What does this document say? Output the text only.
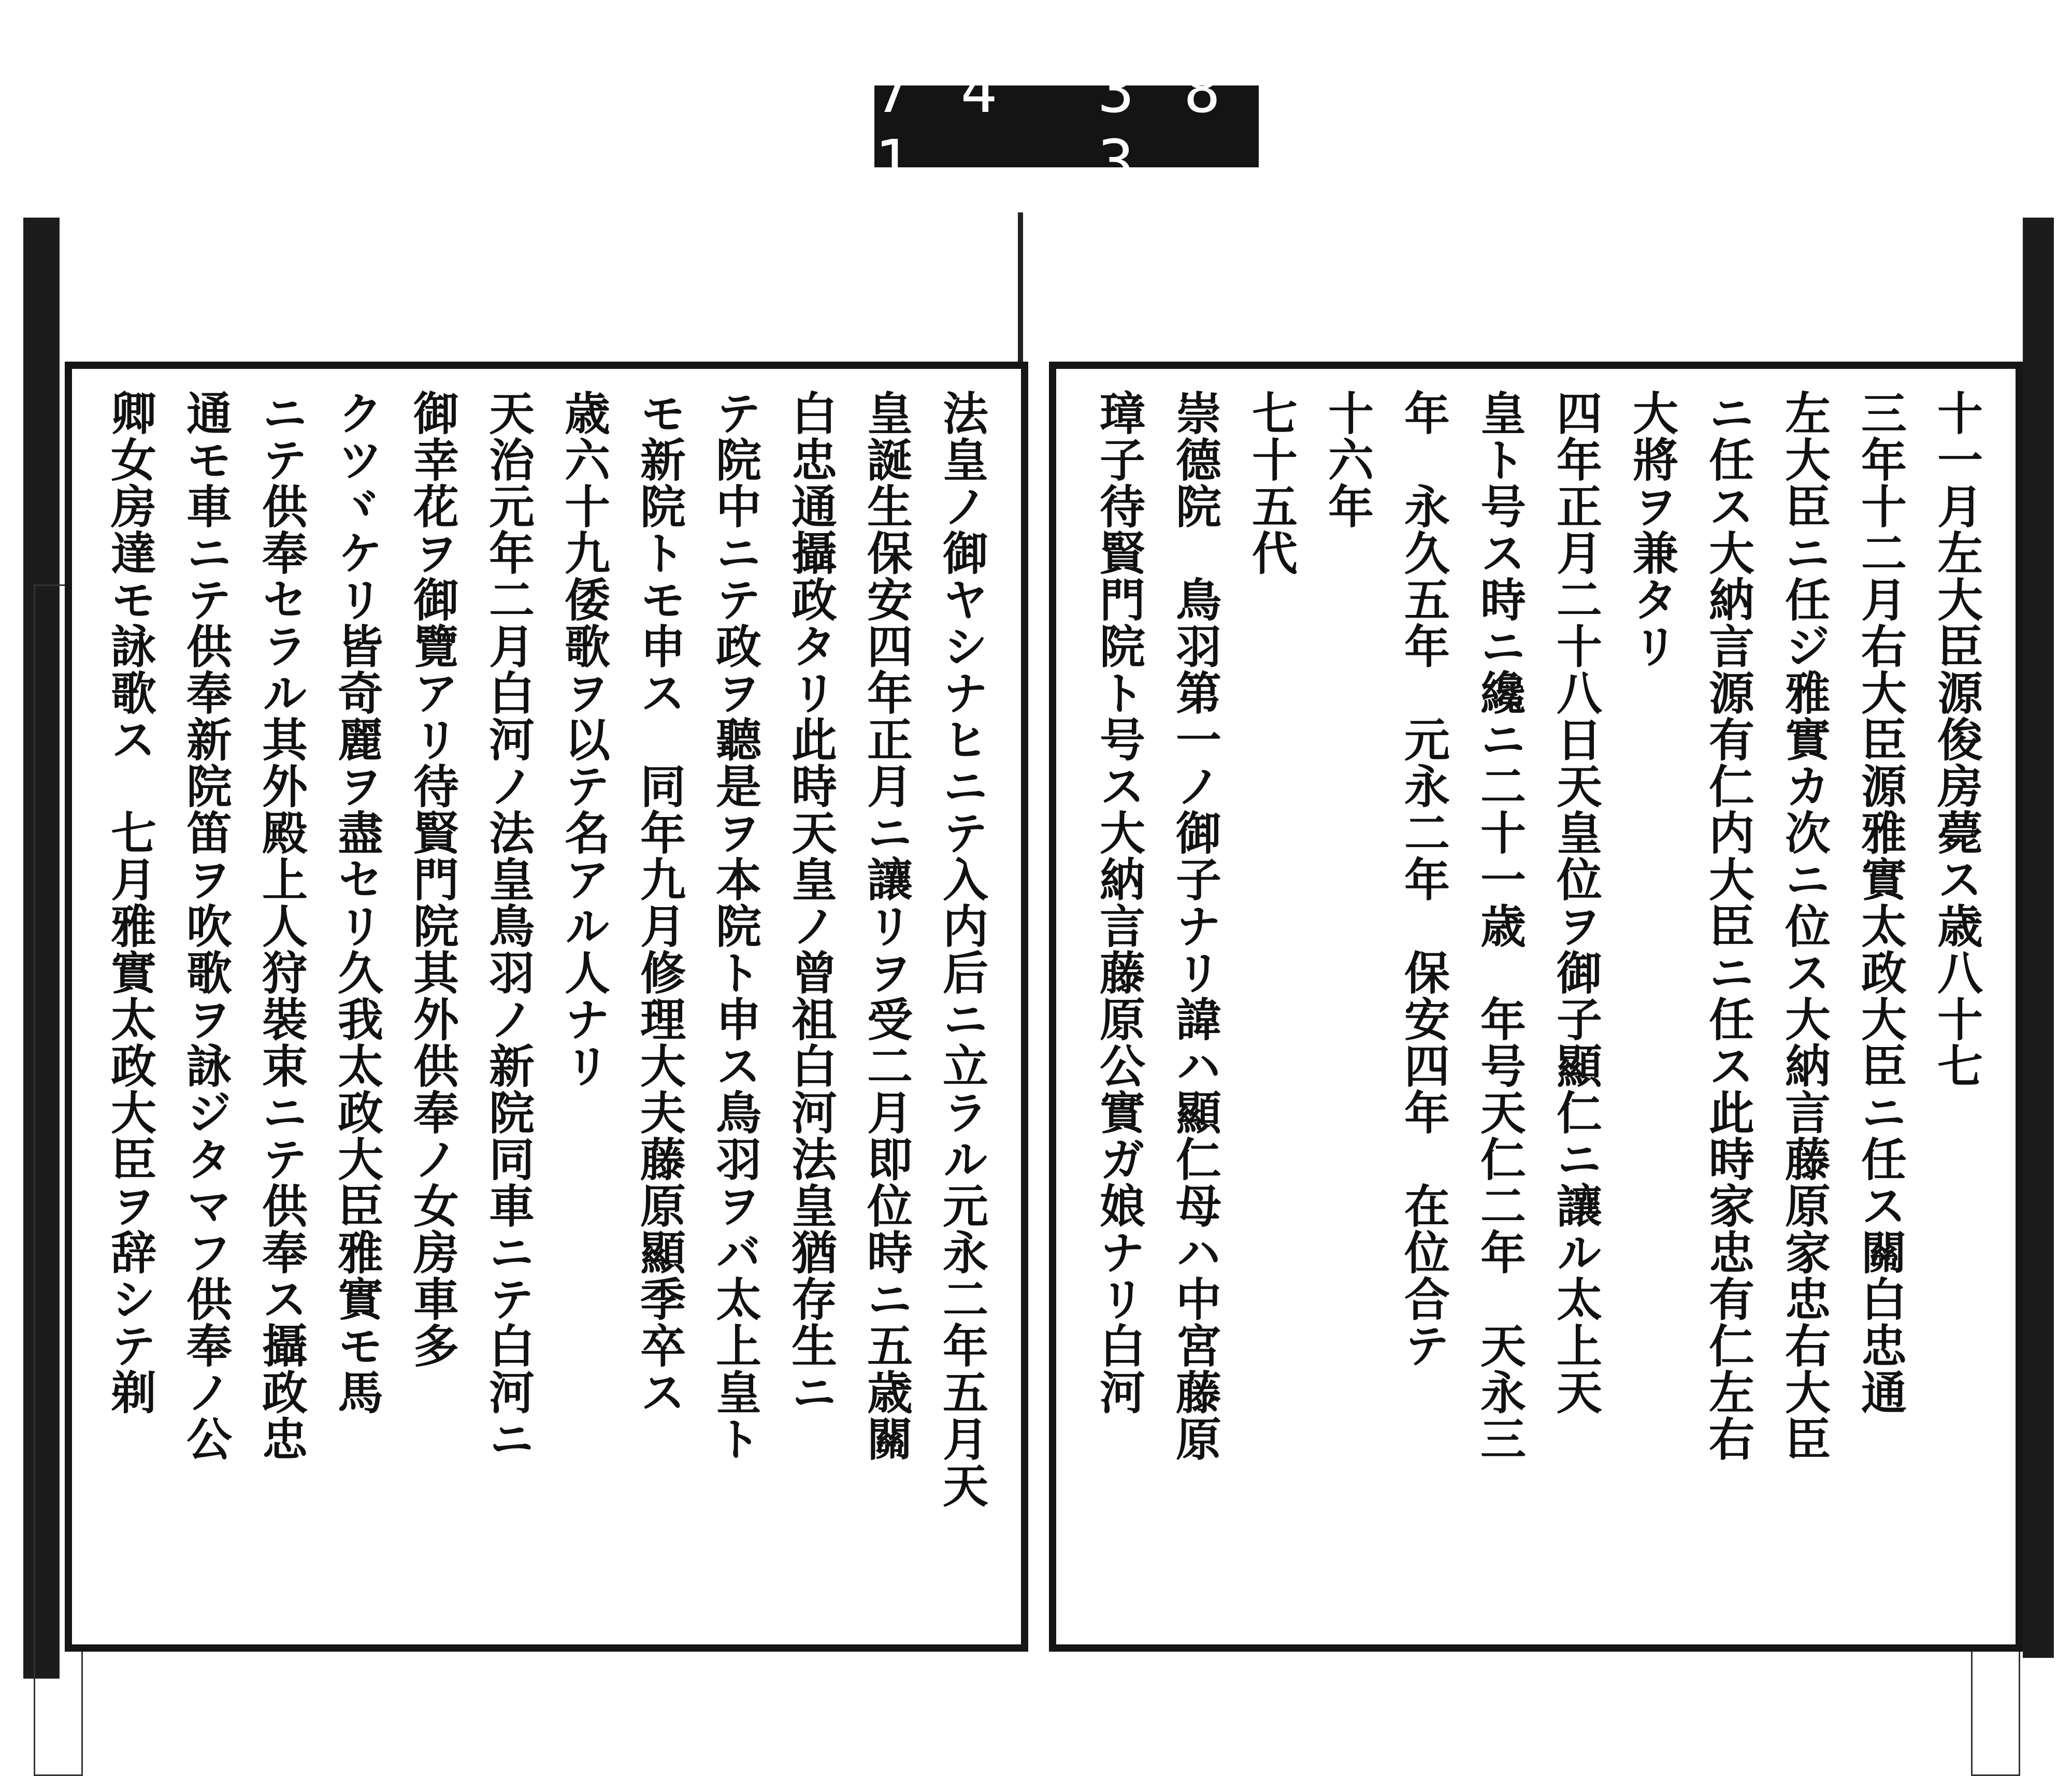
7 4 1
3 8 3
法皇ノ御ヤシナヒニテ入内后ニ立ラル元永二年五月天
皇誕生保安四年正月ニ讓リヲ受二月即位時ニ五歳關
白忠通攝政タリ此時天皇ノ曾祖白河法皇猶存生ニ
テ院中ニテ政ヲ聽是ヲ本院ト申ス鳥羽ヲバ太上皇ト
モ新院トモ申ス　同年九月修理大夫藤原顯季卒ス
歳六十九倭歌ヲ以テ名アル人ナリ
天治元年二月白河ノ法皇鳥羽ノ新院同車ニテ白河ニ
御幸花ヲ御覽アリ待賢門院其外供奉ノ女房車多
クツヾケリ皆奇麗ヲ盡セリ久我太政大臣雅實モ馬
ニテ供奉セラル其外殿上人狩裝束ニテ供奉ス攝政忠
通モ車ニテ供奉新院笛ヲ吹歌ヲ詠ジタマフ供奉ノ公
卿女房達モ詠歌ス　七月雅實太政大臣ヲ辞シテ剃	十一月左大臣源俊房薨ス歳八十七
三年十二月右大臣源雅實太政大臣ニ任ス關白忠通
左大臣ニ任ジ雅實カ次ニ位ス大納言藤原家忠右大臣
ニ任ス大納言源有仁内大臣ニ任ス此時家忠有仁左右
大將ヲ兼タリ
四年正月二十八日天皇位ヲ御子顯仁ニ讓ル太上天
皇ト号ス時ニ纔ニ二十一歳　年号天仁二年　天永三
年　永久五年　元永二年　保安四年　在位合テ
十六年
七十五代
崇德院　鳥羽第一ノ御子ナリ諱ハ顯仁母ハ中宮藤原
璋子待賢門院ト号ス大納言藤原公實ガ娘ナリ白河
